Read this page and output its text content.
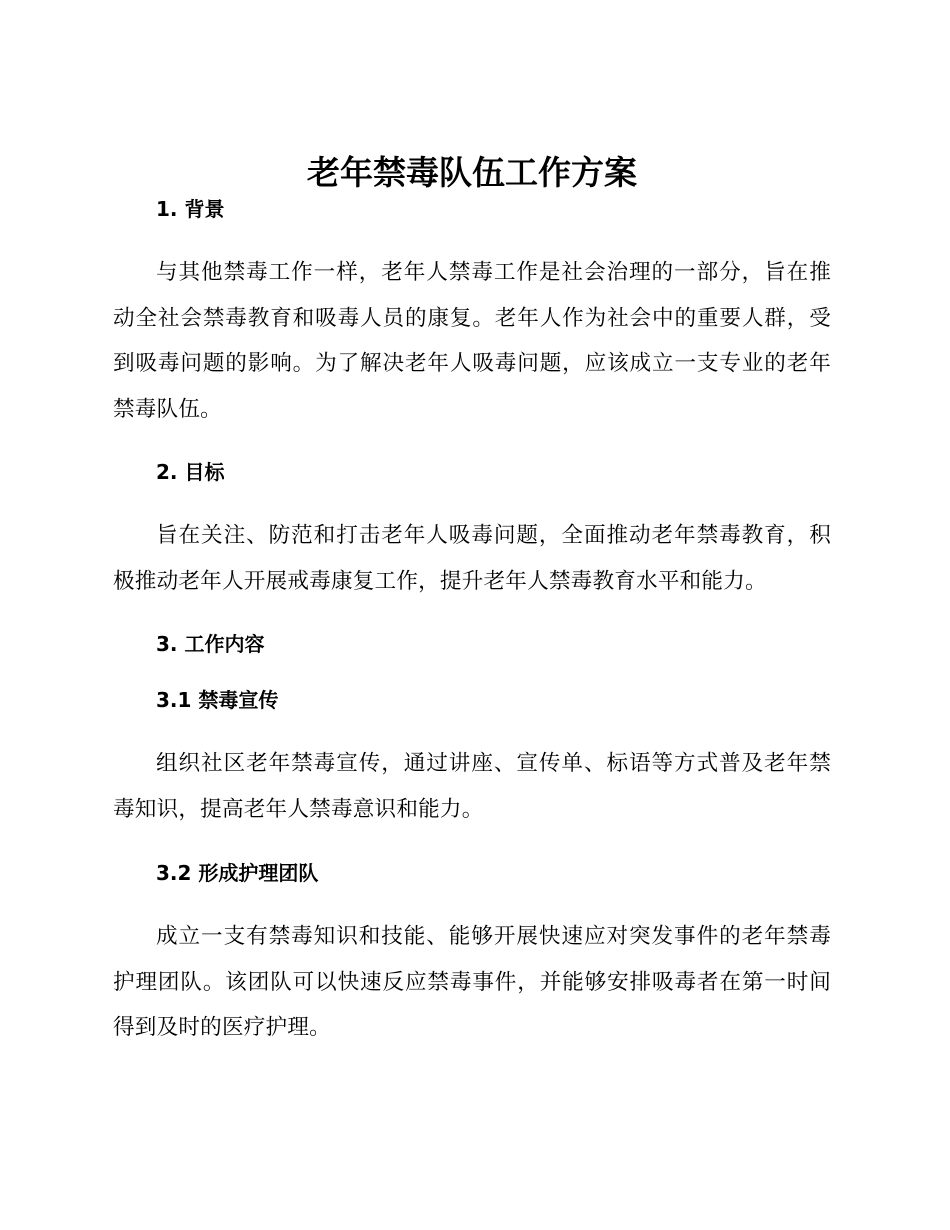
老年禁毒队伍工作方案
1. 背景

与其他禁毒工作一样，老年人禁毒工作是社会治理的一部分，旨在推动全社会禁毒教育和吸毒人员的康复。老年人作为社会中的重要人群，受到吸毒问题的影响。为了解决老年人吸毒问题，应该成立一支专业的老年禁毒队伍。

2. 目标

旨在关注、防范和打击老年人吸毒问题，全面推动老年禁毒教育，积极推动老年人开展戒毒康复工作，提升老年人禁毒教育水平和能力。

3. 工作内容
3.1 禁毒宣传

组织社区老年禁毒宣传，通过讲座、宣传单、标语等方式普及老年禁毒知识，提高老年人禁毒意识和能力。

3.2 形成护理团队

成立一支有禁毒知识和技能、能够开展快速应对突发事件的老年禁毒护理团队。该团队可以快速反应禁毒事件，并能够安排吸毒者在第一时间得到及时的医疗护理。
